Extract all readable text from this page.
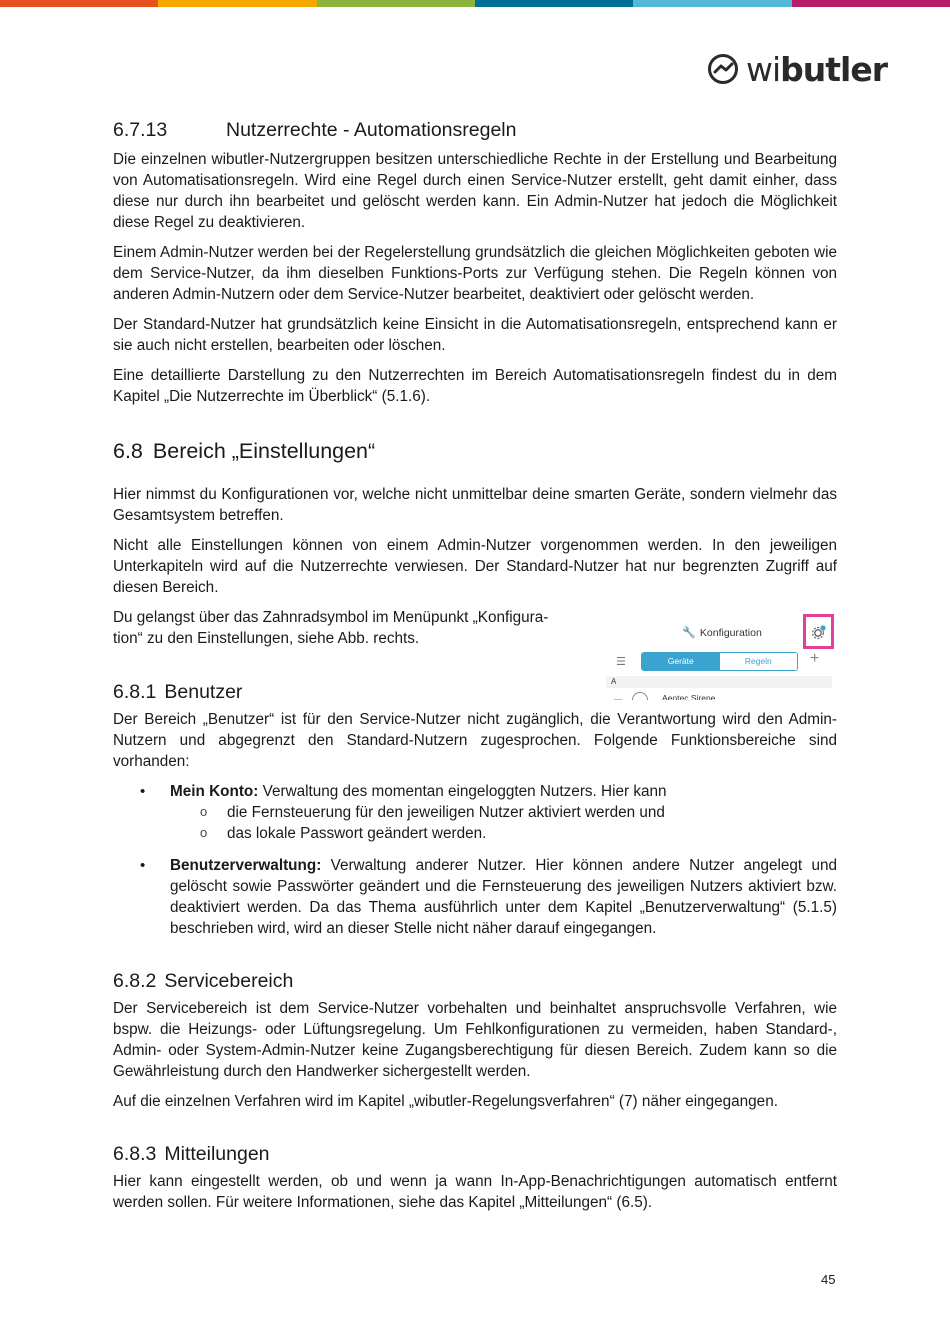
wibutler
6.7.13	Nutzerrechte - Automationsregeln

Die einzelnen wibutler-Nutzergruppen besitzen unterschiedliche Rechte in der Erstellung und Bearbeitung von Automatisationsregeln. Wird eine Regel durch einen Service-Nutzer erstellt, geht damit einher, dass diese nur durch ihn bearbeitet und gelöscht werden kann. Ein Admin-Nutzer hat jedoch die Möglichkeit diese Regel zu deaktivieren.

Einem Admin-Nutzer werden bei der Regelerstellung grundsätzlich die gleichen Möglichkeiten geboten wie dem Service-Nutzer, da ihm dieselben Funktions-Ports zur Verfügung stehen. Die Regeln können von anderen Admin-Nutzern oder dem Service-Nutzer bearbeitet, deaktiviert oder gelöscht werden.

Der Standard-Nutzer hat grundsätzlich keine Einsicht in die Automatisationsregeln, entsprechend kann er sie auch nicht erstellen, bearbeiten oder löschen.

Eine detaillierte Darstellung zu den Nutzerrechten im Bereich Automatisationsregeln findest du in dem Kapitel „Die Nutzerrechte im Überblick“ (5.1.6).

6.8 Bereich „Einstellungen“

Hier nimmst du Konfigurationen vor, welche nicht unmittelbar deine smarten Geräte, sondern vielmehr das Gesamtsystem betreffen.

Nicht alle Einstellungen können von einem Admin-Nutzer vorgenommen werden. In den jeweiligen Unterkapiteln wird auf die Nutzerrechte verwiesen. Der Standard-Nutzer hat nur begrenzten Zugriff auf diesen Bereich.

Du gelangst über das Zahnradsymbol im Menüpunkt „Konfigura-
tion“ zu den Einstellungen, siehe Abb. rechts.

6.8.1 Benutzer

Der Bereich „Benutzer“ ist für den Service-Nutzer nicht zugänglich, die Verantwortung wird den Admin-Nutzern und abgegrenzt den Standard-Nutzern zugesprochen. Folgende Funktionsbereiche sind vorhanden:

• Mein Konto: Verwaltung des momentan eingeloggten Nutzers. Hier kann
o die Fernsteuerung für den jeweiligen Nutzer aktiviert werden und
o das lokale Passwort geändert werden.
• Benutzerverwaltung: Verwaltung anderer Nutzer. Hier können andere Nutzer angelegt und gelöscht sowie Passwörter geändert und die Fernsteuerung des jeweiligen Nutzers aktiviert bzw. deaktiviert werden. Da das Thema ausführlich unter dem Kapitel „Benutzerverwaltung“ (5.1.5) beschrieben wird, wird an dieser Stelle nicht näher darauf eingegangen.
6.8.2 Servicebereich

Der Servicebereich ist dem Service-Nutzer vorbehalten und beinhaltet anspruchsvolle Verfahren, wie bspw. die Heizungs- oder Lüftungsregelung. Um Fehlkonfigurationen zu vermeiden, haben Standard-, Admin- oder System-Admin-Nutzer keine Zugangsberechtigung für diesen Bereich. Zudem kann so die Gewährleistung durch den Handwerker sichergestellt werden.

Auf die einzelnen Verfahren wird im Kapitel „wibutler-Regelungsverfahren“ (7) näher eingegangen.

6.8.3 Mitteilungen

Hier kann eingestellt werden, ob und wenn ja wann In-App-Benachrichtigungen automatisch entfernt werden sollen. Für weitere Informationen, siehe das Kapitel „Mitteilungen“ (6.5).

🔧 Konfiguration
☰	Geräte	Regeln	+
A
—	Aeotec Sirene
45
